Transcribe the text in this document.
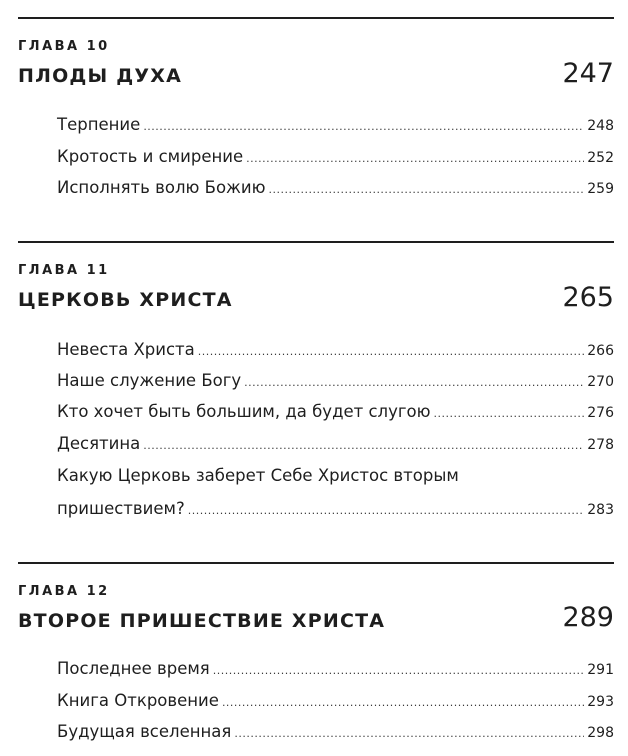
ГЛАВА 10
ПЛОДЫ ДУХА	247
Терпение .....	248
Кротость и смирение .....	252
Исполнять волю Божию .....	259
ГЛАВА 11
ЦЕРКОВЬ ХРИСТА	265
Невеста Христа .....	266
Наше служение Богу .....	270
Кто хочет быть большим, да будет слугою .....	276
Десятина .....	278
Какую Церковь заберет Себе Христос вторым
пришествием? .....	283
ГЛАВА 12
ВТОРОЕ ПРИШЕСТВИЕ ХРИСТА	289
Последнее время .....	291
Книга Откровение .....	293
Будущая вселенная .....	298
